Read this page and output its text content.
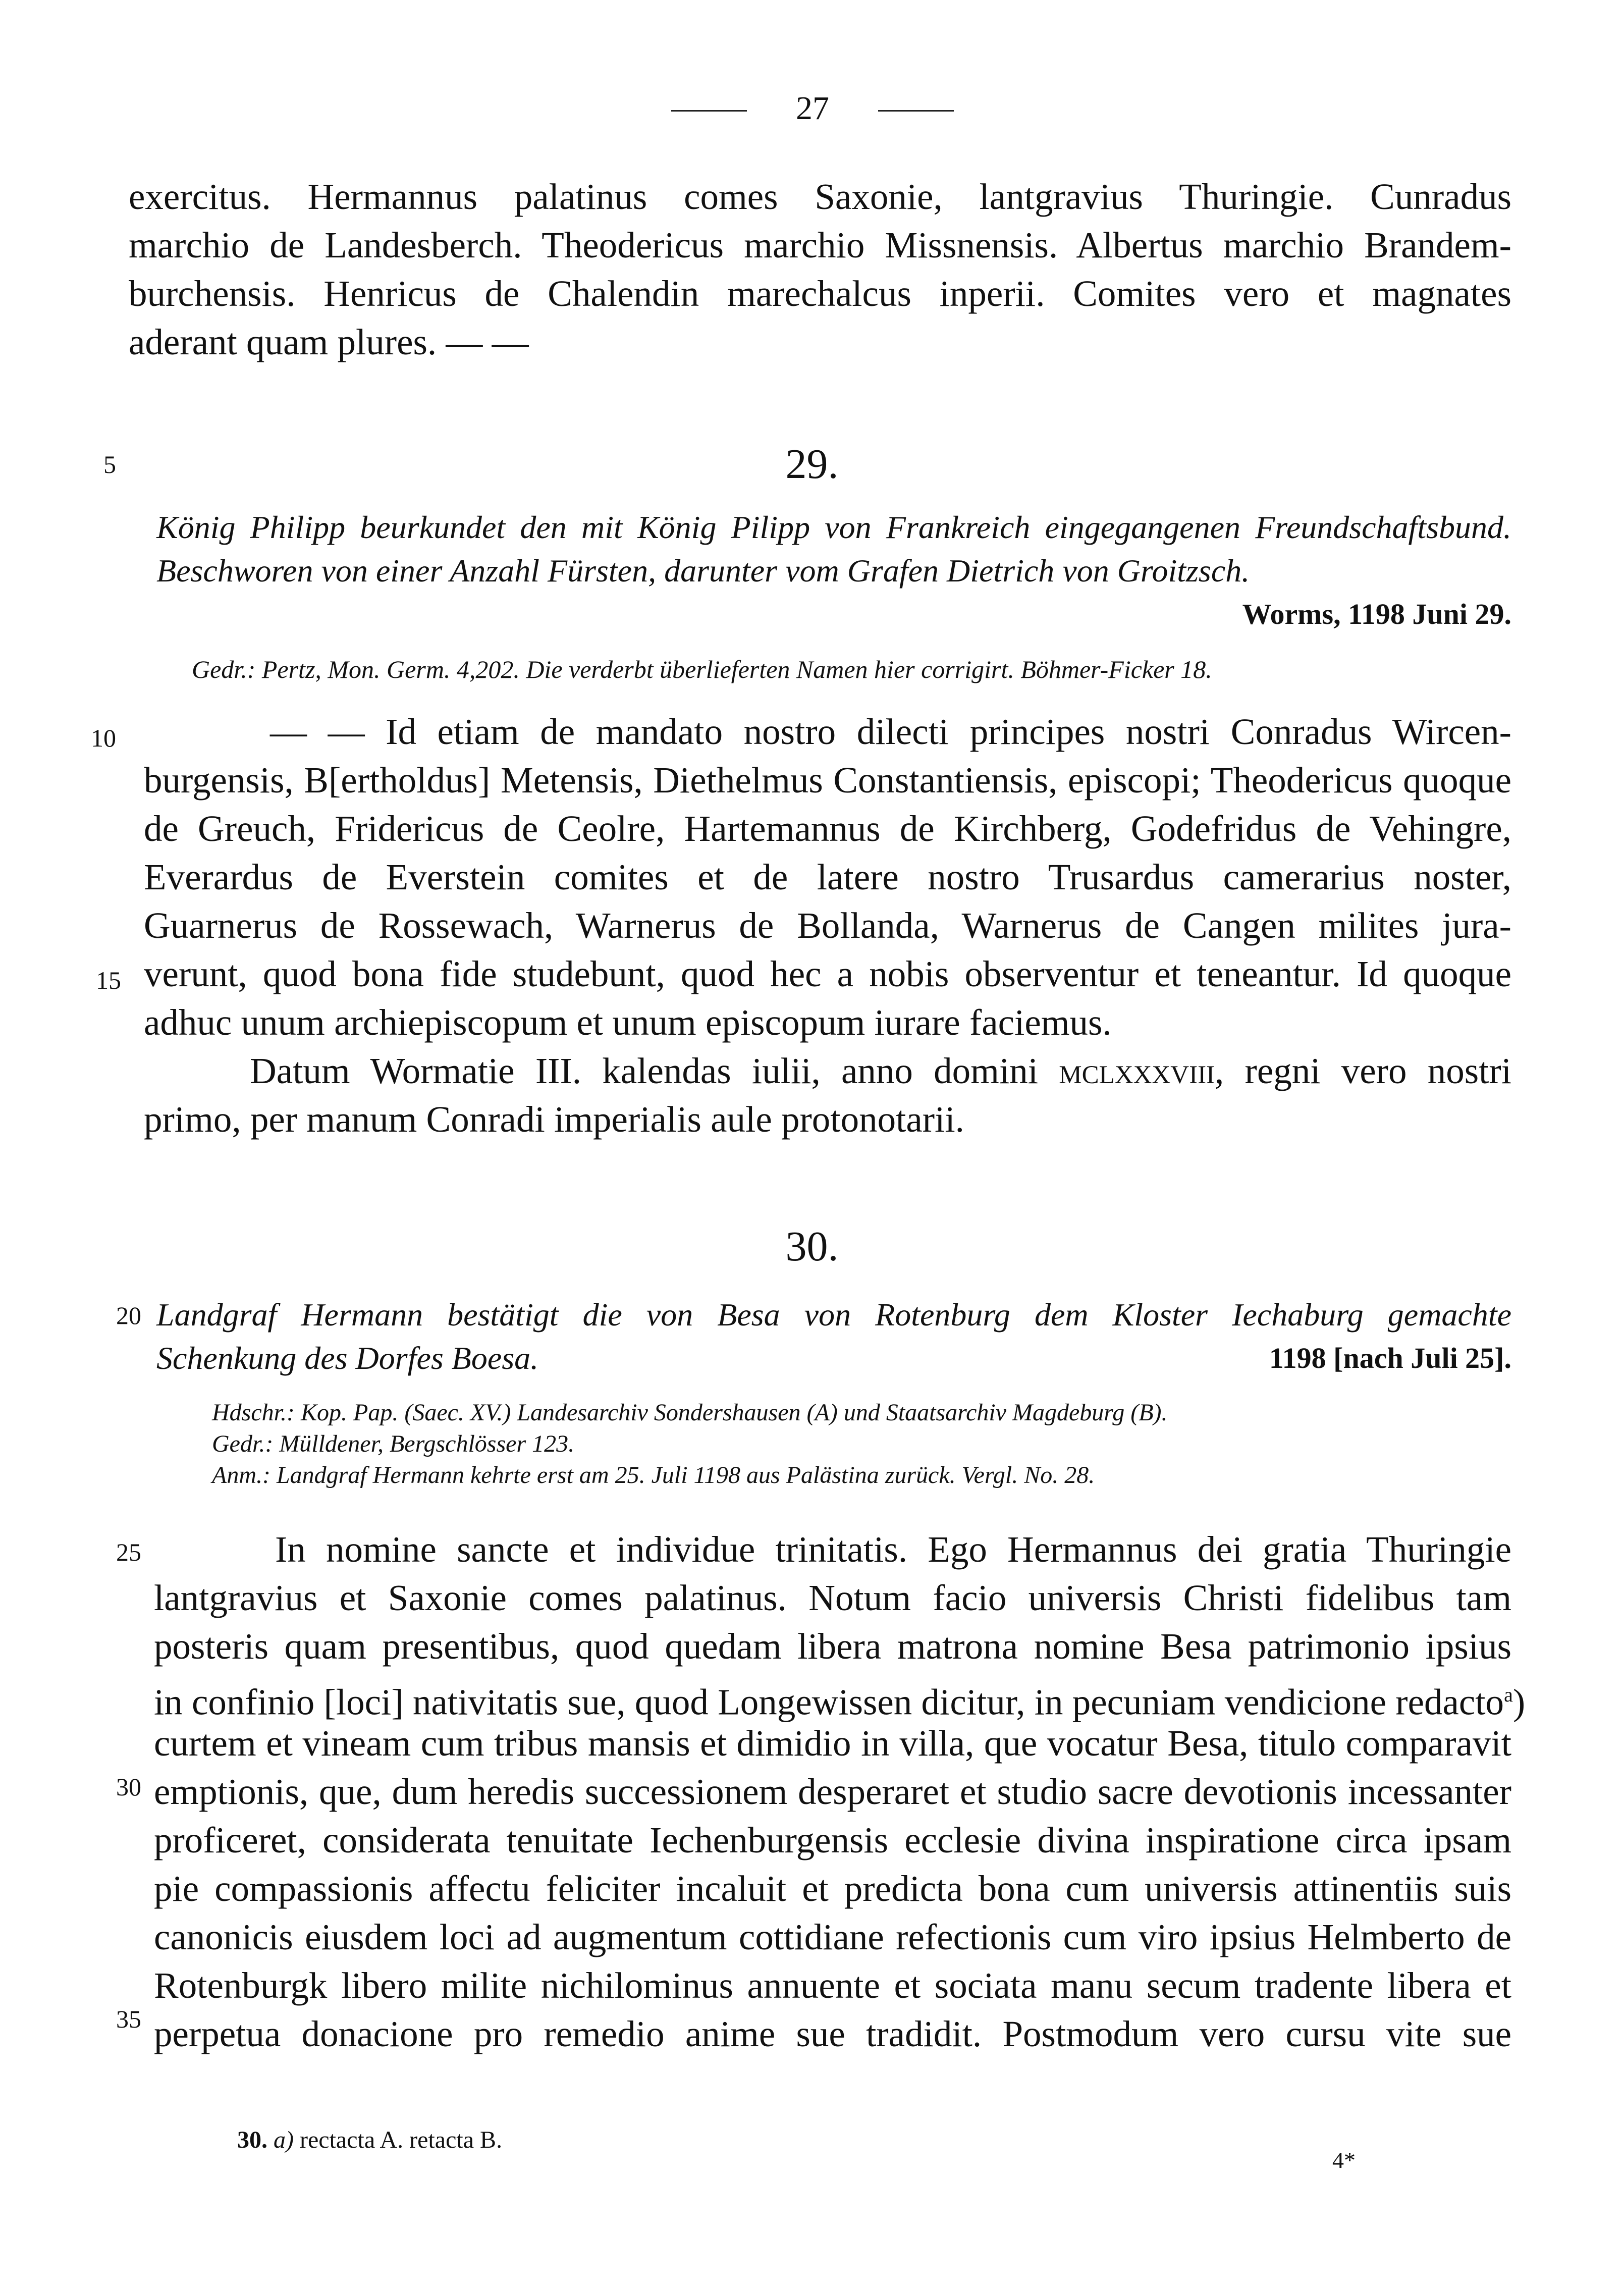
27
5
10
15
20
25
30
35
exercitus. Hermannus palatinus comes Saxonie, lantgravius Thuringie. Cunradus
marchio de Landesberch. Theodericus marchio Missnensis. Albertus marchio Brandem-
burchensis. Henricus de Chalendin marechalcus inperii. Comites vero et magnates
aderant quam plures. — —
29.
König Philipp beurkundet den mit König Pilipp von Frankreich eingegangenen Freundschaftsbund.
Beschworen von einer Anzahl Fürsten, darunter vom Grafen Dietrich von Groitzsch.
Worms, 1198 Juni 29.
Gedr.: Pertz, Mon. Germ. 4,202. Die verderbt überlieferten Namen hier corrigirt. Böhmer-Ficker 18.
— — Id etiam de mandato nostro dilecti principes nostri Conradus Wircen-
burgensis, B[ertholdus] Metensis, Diethelmus Constantiensis, episcopi; Theodericus quoque
de Greuch, Fridericus de Ceolre, Hartemannus de Kirchberg, Godefridus de Vehingre,
Everardus de Everstein comites et de latere nostro Trusardus camerarius noster,
Guarnerus de Rossewach, Warnerus de Bollanda, Warnerus de Cangen milites jura-
verunt, quod bona fide studebunt, quod hec a nobis observentur et teneantur. Id quoque
adhuc unum archiepiscopum et unum episcopum iurare faciemus.
Datum Wormatie III. kalendas iulii, anno domini mclxxxviii, regni vero nostri
primo, per manum Conradi imperialis aule protonotarii.
30.
Landgraf Hermann bestätigt die von Besa von Rotenburg dem Kloster Iechaburg gemachte
Schenkung des Dorfes Boesa.	1198 [nach Juli 25].
Hdschr.: Kop. Pap. (Saec. XV.) Landesarchiv Sondershausen (A) und Staatsarchiv Magdeburg (B).
Gedr.: Mülldener, Bergschlösser 123.
Anm.: Landgraf Hermann kehrte erst am 25. Juli 1198 aus Palästina zurück. Vergl. No. 28.
In nomine sancte et individue trinitatis. Ego Hermannus dei gratia Thuringie
lantgravius et Saxonie comes palatinus. Notum facio universis Christi fidelibus tam
posteris quam presentibus, quod quedam libera matrona nomine Besa patrimonio ipsius
in confinio [loci] nativitatis sue, quod Longewissen dicitur, in pecuniam vendicione redacto$^a$)
curtem et vineam cum tribus mansis et dimidio in villa, que vocatur Besa, titulo comparavit
emptionis, que, dum heredis successionem desperaret et studio sacre devotionis incessanter
proficeret, considerata tenuitate Iechenburgensis ecclesie divina inspiratione circa ipsam
pie compassionis affectu feliciter incaluit et predicta bona cum universis attinentiis suis
canonicis eiusdem loci ad augmentum cottidiane refectionis cum viro ipsius Helmberto de
Rotenburgk libero milite nichilominus annuente et sociata manu secum tradente libera et
perpetua donacione pro remedio anime sue tradidit. Postmodum vero cursu vite sue
30. a) rectacta A. retacta B.
4*
